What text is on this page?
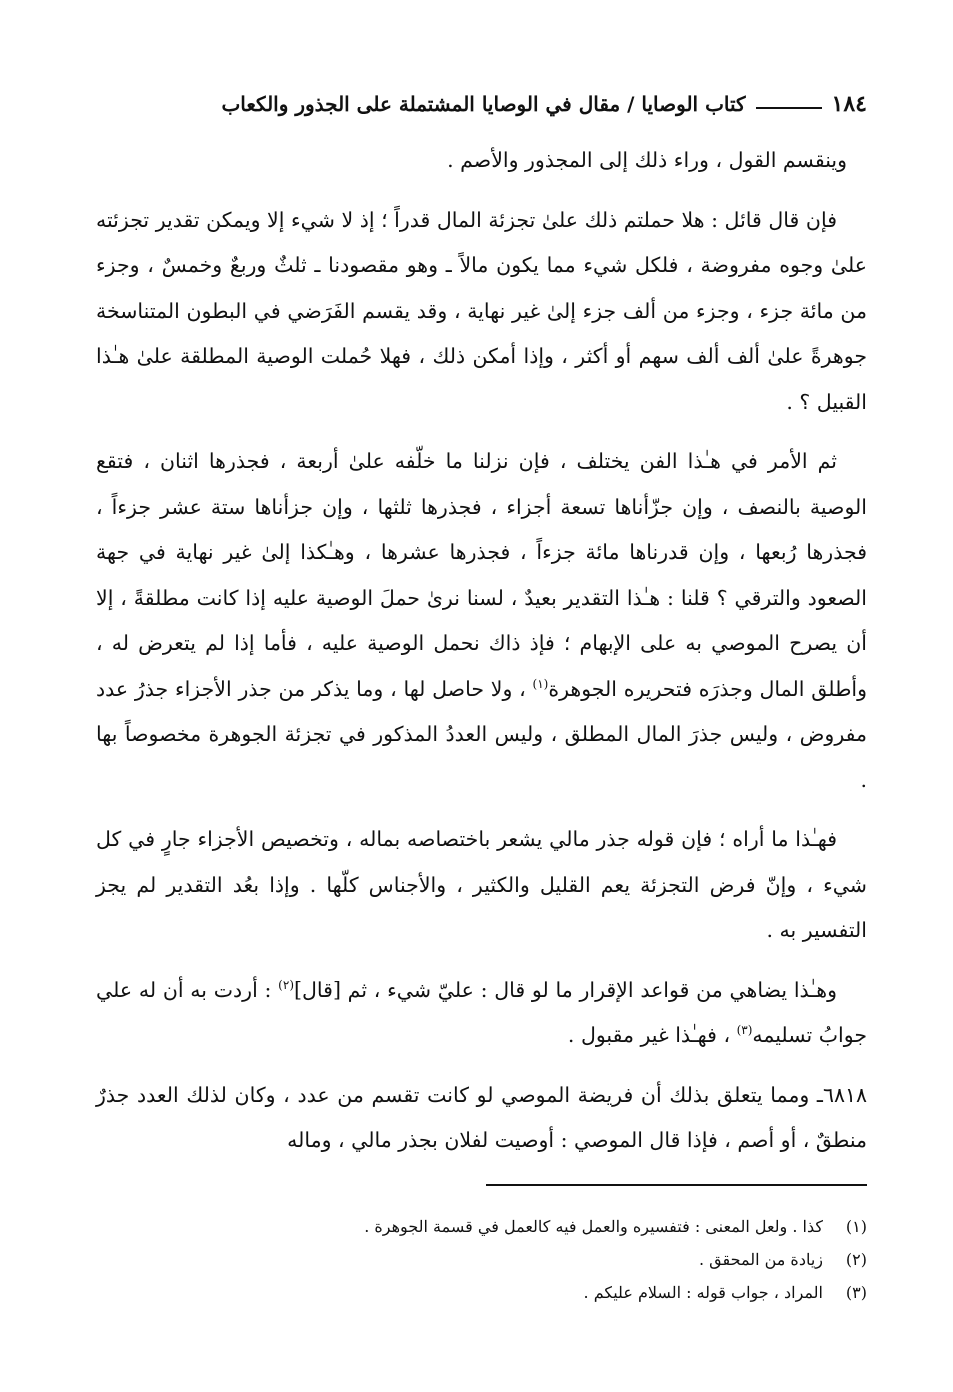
١٨٤
كتاب الوصايا / مقال في الوصايا المشتملة على الجذور والكعاب

وينقسم القول ، وراء ذلك إلى المجذور والأصم .

فإن قال قائل : هلا حملتم ذلك علىٰ تجزئة المال قدراً ؛ إذ لا شيء إلا ويمكن تقدير تجزئته علىٰ وجوه مفروضة ، فلكل شيء مما يكون مالاً ـ وهو مقصودنا ـ ثلثٌ وربعٌ وخمسٌ ، وجزء من مائة جزء ، وجزء من ألف جزء إلىٰ غير نهاية ، وقد يقسم الفَرَضي في البطون المتناسخة جوهرةً علىٰ ألف ألف سهم أو أكثر ، وإذا أمكن ذلك ، فهلا حُملت الوصية المطلقة علىٰ هـٰذا القبيل ؟ .

ثم الأمر في هـٰذا الفن يختلف ، فإن نزلنا ما خلّفه علىٰ أربعة ، فجذرها اثنان ، فتقع الوصية بالنصف ، وإن جزّأناها تسعة أجزاء ، فجذرها ثلثها ، وإن جزأناها ستة عشر جزءاً ، فجذرها رُبعها ، وإن قدرناها مائة جزءاً ، فجذرها عشرها ، وهـٰكذا إلىٰ غير نهاية في جهة الصعود والترقي ؟ قلنا : هـٰذا التقدير بعيدٌ ، لسنا نرىٰ حملَ الوصية عليه إذا كانت مطلقةً ، إلا أن يصرح الموصي به على الإبهام ؛ فإذ ذاك نحمل الوصية عليه ، فأما إذا لم يتعرض له ، وأطلق المال وجذرَه فتحريره الجوهرة$^{(١)}$ ، ولا حاصل لها ، وما يذكر من جذر الأجزاء جذرُ عدد مفروض ، وليس جذرَ المال المطلق ، وليس العددُ المذكور في تجزئة الجوهرة مخصوصاً بها .

فهـٰذا ما أراه ؛ فإن قوله جذر مالي يشعر باختصاصه بماله ، وتخصيص الأجزاء جارٍ في كل شيء ، وإنّ فرض التجزئة يعم القليل والكثير ، والأجناس كلّها . وإذا بعُد التقدير لم يجز التفسير به .

وهـٰذا يضاهي من قواعد الإقرار ما لو قال : عليّ شيء ، ثم [قال]$^{(٢)}$ : أردت به أن له علي جوابُ تسليمه$^{(٣)}$ ، فهـٰذا غير مقبول .

٦٨١٨ـ ومما يتعلق بذلك أن فريضة الموصي لو كانت تقسم من عدد ، وكان لذلك العدد جذرٌ منطقٌ ، أو أصم ، فإذا قال الموصي : أوصيت لفلان بجذر مالي ، وماله

(١)
كذا . ولعل المعنى : فتفسيره والعمل فيه كالعمل في قسمة الجوهرة .
(٢)
زيادة من المحقق .
(٣)
المراد ، جواب قوله : السلام عليكم .
